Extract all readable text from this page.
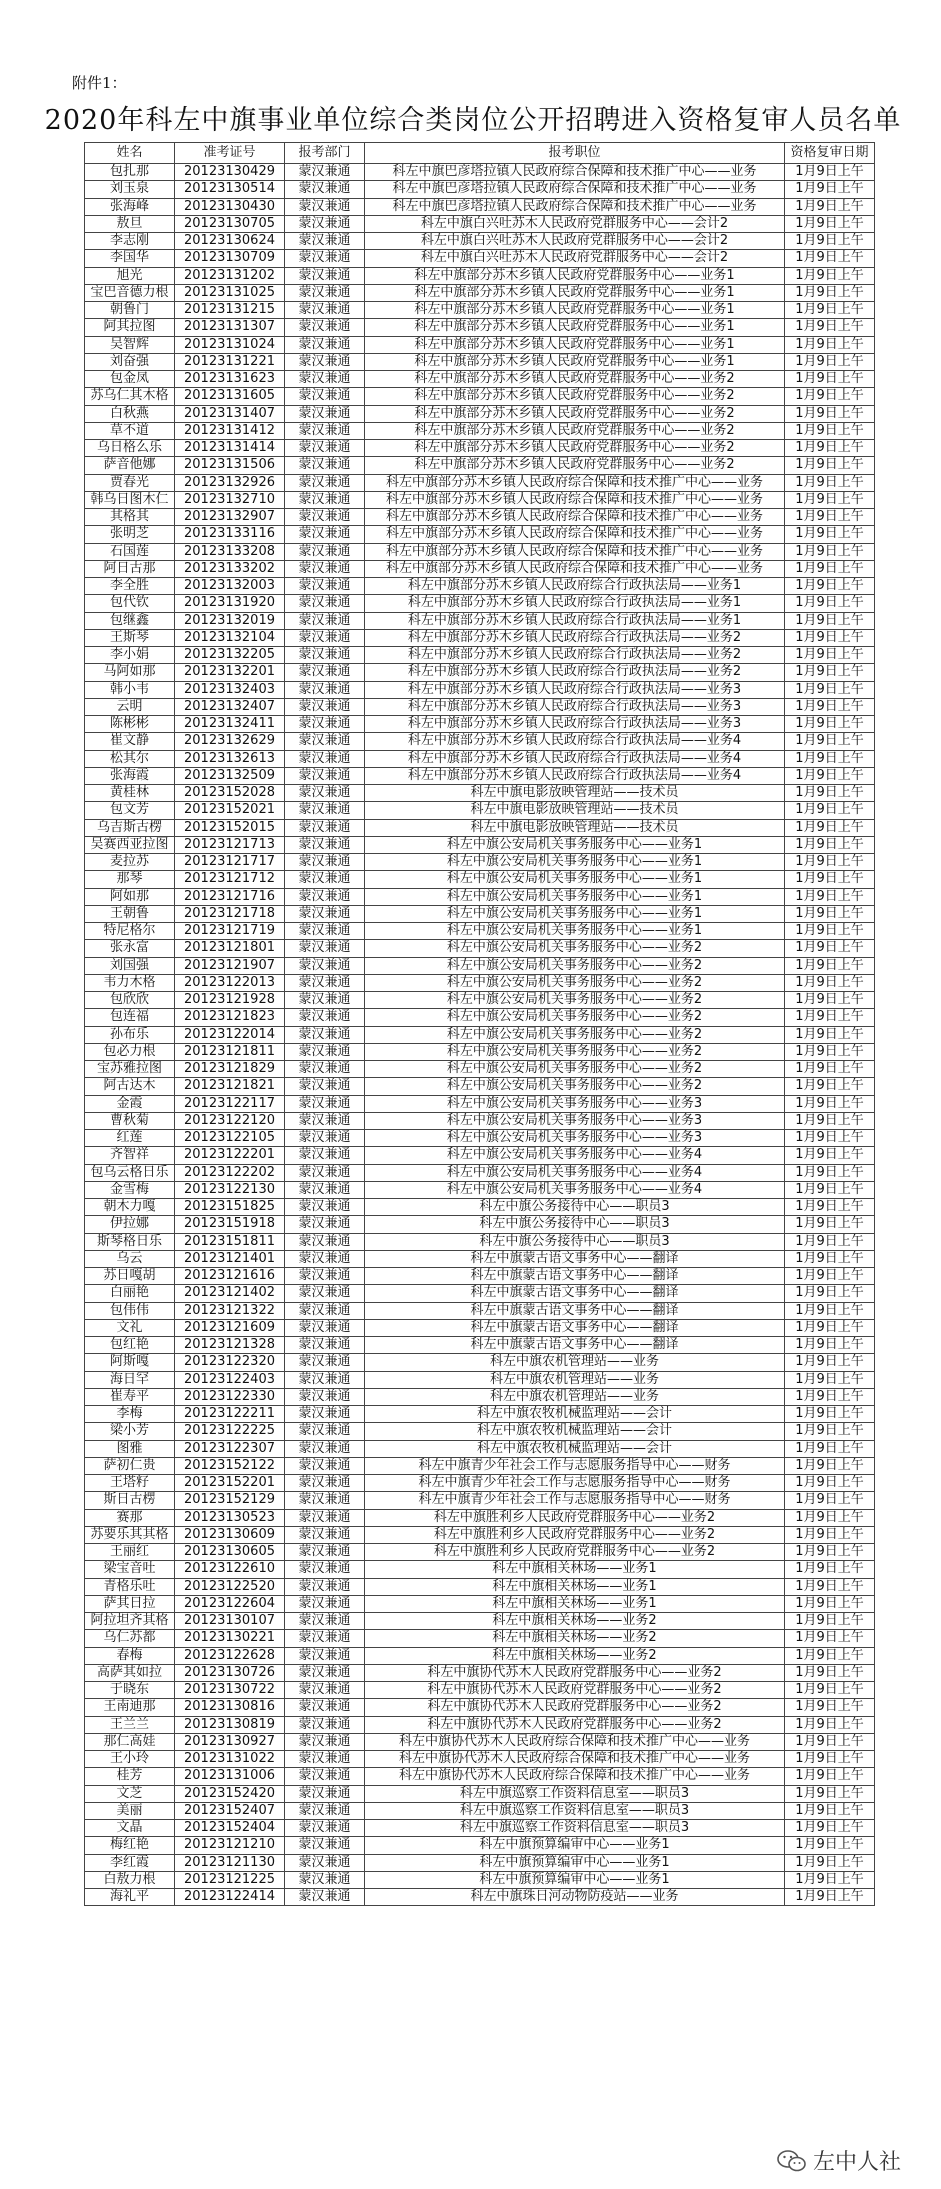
附件1：
2020年科左中旗事业单位综合类岗位公开招聘进入资格复审人员名单
姓名	准考证号	报考部门	报考职位	资格复审日期
包扎那	20123130429	蒙汉兼通	科左中旗巴彦塔拉镇人民政府综合保障和技术推广中心——业务	1月9日上午
刘玉泉	20123130514	蒙汉兼通	科左中旗巴彦塔拉镇人民政府综合保障和技术推广中心——业务	1月9日上午
张海峰	20123130430	蒙汉兼通	科左中旗巴彦塔拉镇人民政府综合保障和技术推广中心——业务	1月9日上午
敖旦	20123130705	蒙汉兼通	科左中旗白兴吐苏木人民政府党群服务中心——会计2	1月9日上午
李志刚	20123130624	蒙汉兼通	科左中旗白兴吐苏木人民政府党群服务中心——会计2	1月9日上午
李国华	20123130709	蒙汉兼通	科左中旗白兴吐苏木人民政府党群服务中心——会计2	1月9日上午
旭光	20123131202	蒙汉兼通	科左中旗部分苏木乡镇人民政府党群服务中心——业务1	1月9日上午
宝巴音德力根	20123131025	蒙汉兼通	科左中旗部分苏木乡镇人民政府党群服务中心——业务1	1月9日上午
朝鲁门	20123131215	蒙汉兼通	科左中旗部分苏木乡镇人民政府党群服务中心——业务1	1月9日上午
阿其拉图	20123131307	蒙汉兼通	科左中旗部分苏木乡镇人民政府党群服务中心——业务1	1月9日上午
吴智辉	20123131024	蒙汉兼通	科左中旗部分苏木乡镇人民政府党群服务中心——业务1	1月9日上午
刘奋强	20123131221	蒙汉兼通	科左中旗部分苏木乡镇人民政府党群服务中心——业务1	1月9日上午
包金凤	20123131623	蒙汉兼通	科左中旗部分苏木乡镇人民政府党群服务中心——业务2	1月9日上午
苏乌仁其木格	20123131605	蒙汉兼通	科左中旗部分苏木乡镇人民政府党群服务中心——业务2	1月9日上午
白秋燕	20123131407	蒙汉兼通	科左中旗部分苏木乡镇人民政府党群服务中心——业务2	1月9日上午
草不道	20123131412	蒙汉兼通	科左中旗部分苏木乡镇人民政府党群服务中心——业务2	1月9日上午
乌日格么乐	20123131414	蒙汉兼通	科左中旗部分苏木乡镇人民政府党群服务中心——业务2	1月9日上午
萨音他娜	20123131506	蒙汉兼通	科左中旗部分苏木乡镇人民政府党群服务中心——业务2	1月9日上午
贾春光	20123132926	蒙汉兼通	科左中旗部分苏木乡镇人民政府综合保障和技术推广中心——业务	1月9日上午
韩乌日图木仁	20123132710	蒙汉兼通	科左中旗部分苏木乡镇人民政府综合保障和技术推广中心——业务	1月9日上午
其格其	20123132907	蒙汉兼通	科左中旗部分苏木乡镇人民政府综合保障和技术推广中心——业务	1月9日上午
张明芝	20123133116	蒙汉兼通	科左中旗部分苏木乡镇人民政府综合保障和技术推广中心——业务	1月9日上午
石国莲	20123133208	蒙汉兼通	科左中旗部分苏木乡镇人民政府综合保障和技术推广中心——业务	1月9日上午
阿日古那	20123133202	蒙汉兼通	科左中旗部分苏木乡镇人民政府综合保障和技术推广中心——业务	1月9日上午
李全胜	20123132003	蒙汉兼通	科左中旗部分苏木乡镇人民政府综合行政执法局——业务1	1月9日上午
包代钦	20123131920	蒙汉兼通	科左中旗部分苏木乡镇人民政府综合行政执法局——业务1	1月9日上午
包继鑫	20123132019	蒙汉兼通	科左中旗部分苏木乡镇人民政府综合行政执法局——业务1	1月9日上午
王斯琴	20123132104	蒙汉兼通	科左中旗部分苏木乡镇人民政府综合行政执法局——业务2	1月9日上午
李小娟	20123132205	蒙汉兼通	科左中旗部分苏木乡镇人民政府综合行政执法局——业务2	1月9日上午
马阿如那	20123132201	蒙汉兼通	科左中旗部分苏木乡镇人民政府综合行政执法局——业务2	1月9日上午
韩小韦	20123132403	蒙汉兼通	科左中旗部分苏木乡镇人民政府综合行政执法局——业务3	1月9日上午
云明	20123132407	蒙汉兼通	科左中旗部分苏木乡镇人民政府综合行政执法局——业务3	1月9日上午
陈彬彬	20123132411	蒙汉兼通	科左中旗部分苏木乡镇人民政府综合行政执法局——业务3	1月9日上午
崔文静	20123132629	蒙汉兼通	科左中旗部分苏木乡镇人民政府综合行政执法局——业务4	1月9日上午
松其尔	20123132613	蒙汉兼通	科左中旗部分苏木乡镇人民政府综合行政执法局——业务4	1月9日上午
张海霞	20123132509	蒙汉兼通	科左中旗部分苏木乡镇人民政府综合行政执法局——业务4	1月9日上午
黄桂林	20123152028	蒙汉兼通	科左中旗电影放映管理站——技术员	1月9日上午
包文芳	20123152021	蒙汉兼通	科左中旗电影放映管理站——技术员	1月9日上午
乌吉斯古楞	20123152015	蒙汉兼通	科左中旗电影放映管理站——技术员	1月9日上午
吴赛西亚拉图	20123121713	蒙汉兼通	科左中旗公安局机关事务服务中心——业务1	1月9日上午
麦拉苏	20123121717	蒙汉兼通	科左中旗公安局机关事务服务中心——业务1	1月9日上午
那琴	20123121712	蒙汉兼通	科左中旗公安局机关事务服务中心——业务1	1月9日上午
阿如那	20123121716	蒙汉兼通	科左中旗公安局机关事务服务中心——业务1	1月9日上午
王朝鲁	20123121718	蒙汉兼通	科左中旗公安局机关事务服务中心——业务1	1月9日上午
特尼格尔	20123121719	蒙汉兼通	科左中旗公安局机关事务服务中心——业务1	1月9日上午
张永富	20123121801	蒙汉兼通	科左中旗公安局机关事务服务中心——业务2	1月9日上午
刘国强	20123121907	蒙汉兼通	科左中旗公安局机关事务服务中心——业务2	1月9日上午
韦力木格	20123122013	蒙汉兼通	科左中旗公安局机关事务服务中心——业务2	1月9日上午
包欣欣	20123121928	蒙汉兼通	科左中旗公安局机关事务服务中心——业务2	1月9日上午
包连福	20123121823	蒙汉兼通	科左中旗公安局机关事务服务中心——业务2	1月9日上午
孙布乐	20123122014	蒙汉兼通	科左中旗公安局机关事务服务中心——业务2	1月9日上午
包必力根	20123121811	蒙汉兼通	科左中旗公安局机关事务服务中心——业务2	1月9日上午
宝苏雅拉图	20123121829	蒙汉兼通	科左中旗公安局机关事务服务中心——业务2	1月9日上午
阿古达木	20123121821	蒙汉兼通	科左中旗公安局机关事务服务中心——业务2	1月9日上午
金霞	20123122117	蒙汉兼通	科左中旗公安局机关事务服务中心——业务3	1月9日上午
曹秋菊	20123122120	蒙汉兼通	科左中旗公安局机关事务服务中心——业务3	1月9日上午
红莲	20123122105	蒙汉兼通	科左中旗公安局机关事务服务中心——业务3	1月9日上午
齐智祥	20123122201	蒙汉兼通	科左中旗公安局机关事务服务中心——业务4	1月9日上午
包乌云格日乐	20123122202	蒙汉兼通	科左中旗公安局机关事务服务中心——业务4	1月9日上午
金雪梅	20123122130	蒙汉兼通	科左中旗公安局机关事务服务中心——业务4	1月9日上午
朝木力嘎	20123151825	蒙汉兼通	科左中旗公务接待中心——职员3	1月9日上午
伊拉娜	20123151918	蒙汉兼通	科左中旗公务接待中心——职员3	1月9日上午
斯琴格日乐	20123151811	蒙汉兼通	科左中旗公务接待中心——职员3	1月9日上午
乌云	20123121401	蒙汉兼通	科左中旗蒙古语文事务中心——翻译	1月9日上午
苏日嘎胡	20123121616	蒙汉兼通	科左中旗蒙古语文事务中心——翻译	1月9日上午
白丽艳	20123121402	蒙汉兼通	科左中旗蒙古语文事务中心——翻译	1月9日上午
包伟伟	20123121322	蒙汉兼通	科左中旗蒙古语文事务中心——翻译	1月9日上午
文礼	20123121609	蒙汉兼通	科左中旗蒙古语文事务中心——翻译	1月9日上午
包红艳	20123121328	蒙汉兼通	科左中旗蒙古语文事务中心——翻译	1月9日上午
阿斯嘎	20123122320	蒙汉兼通	科左中旗农机管理站——业务	1月9日上午
海日罕	20123122403	蒙汉兼通	科左中旗农机管理站——业务	1月9日上午
崔寿平	20123122330	蒙汉兼通	科左中旗农机管理站——业务	1月9日上午
李梅	20123122211	蒙汉兼通	科左中旗农牧机械监理站——会计	1月9日上午
梁小芳	20123122225	蒙汉兼通	科左中旗农牧机械监理站——会计	1月9日上午
图雅	20123122307	蒙汉兼通	科左中旗农牧机械监理站——会计	1月9日上午
萨初仁贵	20123152122	蒙汉兼通	科左中旗青少年社会工作与志愿服务指导中心——财务	1月9日上午
王塔籽	20123152201	蒙汉兼通	科左中旗青少年社会工作与志愿服务指导中心——财务	1月9日上午
斯日古楞	20123152129	蒙汉兼通	科左中旗青少年社会工作与志愿服务指导中心——财务	1月9日上午
赛那	20123130523	蒙汉兼通	科左中旗胜利乡人民政府党群服务中心——业务2	1月9日上午
苏要乐其其格	20123130609	蒙汉兼通	科左中旗胜利乡人民政府党群服务中心——业务2	1月9日上午
王丽红	20123130605	蒙汉兼通	科左中旗胜利乡人民政府党群服务中心——业务2	1月9日上午
梁宝音吐	20123122610	蒙汉兼通	科左中旗相关林场——业务1	1月9日上午
青格乐吐	20123122520	蒙汉兼通	科左中旗相关林场——业务1	1月9日上午
萨其日拉	20123122604	蒙汉兼通	科左中旗相关林场——业务1	1月9日上午
阿拉坦齐其格	20123130107	蒙汉兼通	科左中旗相关林场——业务2	1月9日上午
乌仁苏都	20123130221	蒙汉兼通	科左中旗相关林场——业务2	1月9日上午
春梅	20123122628	蒙汉兼通	科左中旗相关林场——业务2	1月9日上午
高萨其如拉	20123130726	蒙汉兼通	科左中旗协代苏木人民政府党群服务中心——业务2	1月9日上午
于晓东	20123130722	蒙汉兼通	科左中旗协代苏木人民政府党群服务中心——业务2	1月9日上午
王南迪那	20123130816	蒙汉兼通	科左中旗协代苏木人民政府党群服务中心——业务2	1月9日上午
王兰兰	20123130819	蒙汉兼通	科左中旗协代苏木人民政府党群服务中心——业务2	1月9日上午
那仁高娃	20123130927	蒙汉兼通	科左中旗协代苏木人民政府综合保障和技术推广中心——业务	1月9日上午
王小玲	20123131022	蒙汉兼通	科左中旗协代苏木人民政府综合保障和技术推广中心——业务	1月9日上午
桂芳	20123131006	蒙汉兼通	科左中旗协代苏木人民政府综合保障和技术推广中心——业务	1月9日上午
文芝	20123152420	蒙汉兼通	科左中旗巡察工作资料信息室——职员3	1月9日上午
美丽	20123152407	蒙汉兼通	科左中旗巡察工作资料信息室——职员3	1月9日上午
文晶	20123152404	蒙汉兼通	科左中旗巡察工作资料信息室——职员3	1月9日上午
梅红艳	20123121210	蒙汉兼通	科左中旗预算编审中心——业务1	1月9日上午
李红霞	20123121130	蒙汉兼通	科左中旗预算编审中心——业务1	1月9日上午
白敖力根	20123121225	蒙汉兼通	科左中旗预算编审中心——业务1	1月9日上午
海礼平	20123122414	蒙汉兼通	科左中旗珠日河动物防疫站——业务	1月9日上午
左中人社
